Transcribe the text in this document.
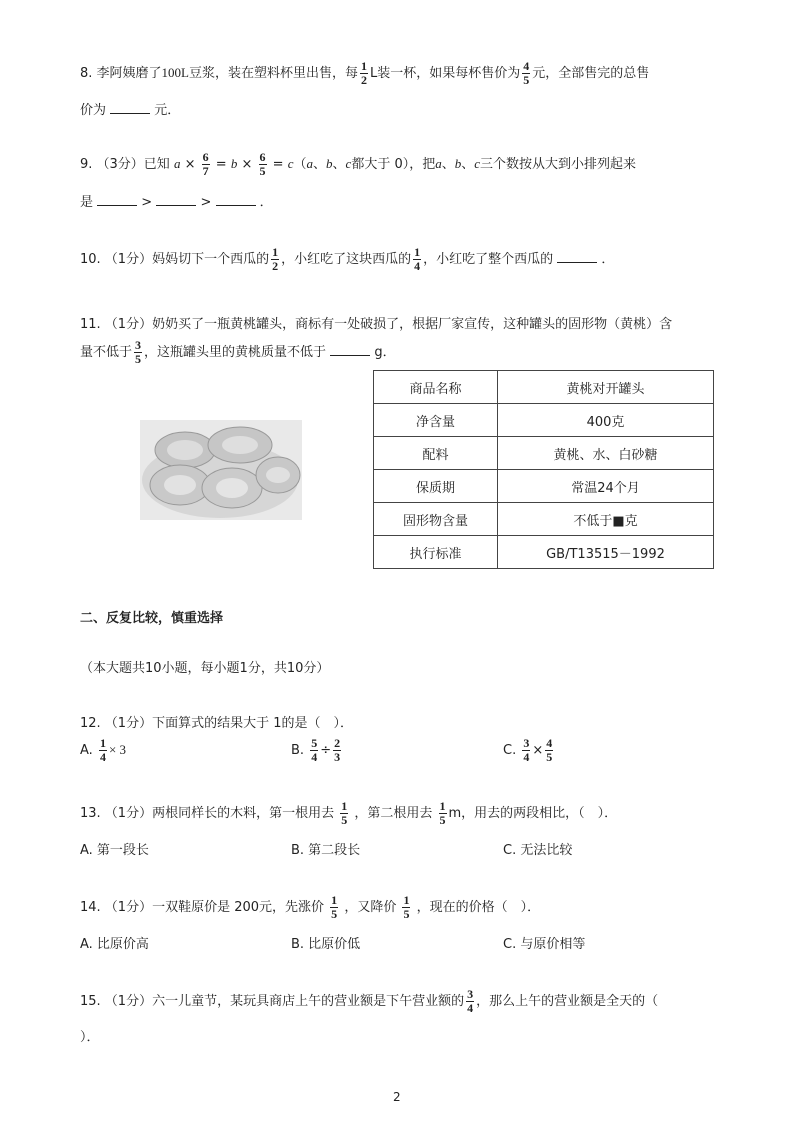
8. 李阿姨磨了100L豆浆，装在塑料杯里出售，每 $\frac{1}{2}$ L装一杯，如果每杯售价为 $\frac{4}{5}$ 元，全部售完的总售
价为	元．
9. （3分）已知 $a \times \frac{6}{7} = b \times \frac{6}{5} = c(a$、b、c都大于 0），把a、b、c三个数按从大到小排列起来
是	>	>	．
10. （1分）妈妈切下一个西瓜的 $\frac{1}{2}$ ，小红吃了这块西瓜的 $\frac{1}{4}$ ，小红吃了整个西瓜的	．
11. （1分）奶奶买了一瓶黄桃罐头，商标有一处破损了，根据厂家宣传，这种罐头的固形物（黄桃）含
量不低于 $\frac{3}{5}$ ，这瓶罐头里的黄桃质量不低于	g．
商品名称	黄桃对开罐头
净含量	400克
配料	黄桃、水、白砂糖
保质期	常温24个月
固形物含量	不低于■克
执行标准	GB/T13515－1992
二、反复比较，慎重选择
（本大题共10小题，每小题1分，共10分）
12. （1分）下面算式的结果大于 1的是（　）．
A. $\frac{1}{4} \times 3$	B. $\frac{5}{4} \div \frac{2}{3}$	C. $\frac{3}{4} \times \frac{4}{5}$
13. （1分）两根同样长的木料，第一根用去 $\frac{1}{5}$ ，第二根用去 $\frac{1}{5}$ m，用去的两段相比，（　）．
A. 第一段长	B. 第二段长	C. 无法比较
14. （1分）一双鞋原价是 200元，先涨价 $\frac{1}{5}$ ，又降价 $\frac{1}{5}$ ，现在的价格（　）．
A. 比原价高	B. 比原价低	C. 与原价相等
15. （1分）六一儿童节，某玩具商店上午的营业额是下午营业额的 $\frac{3}{4}$ ，那么上午的营业额是全天的（
）．
2
